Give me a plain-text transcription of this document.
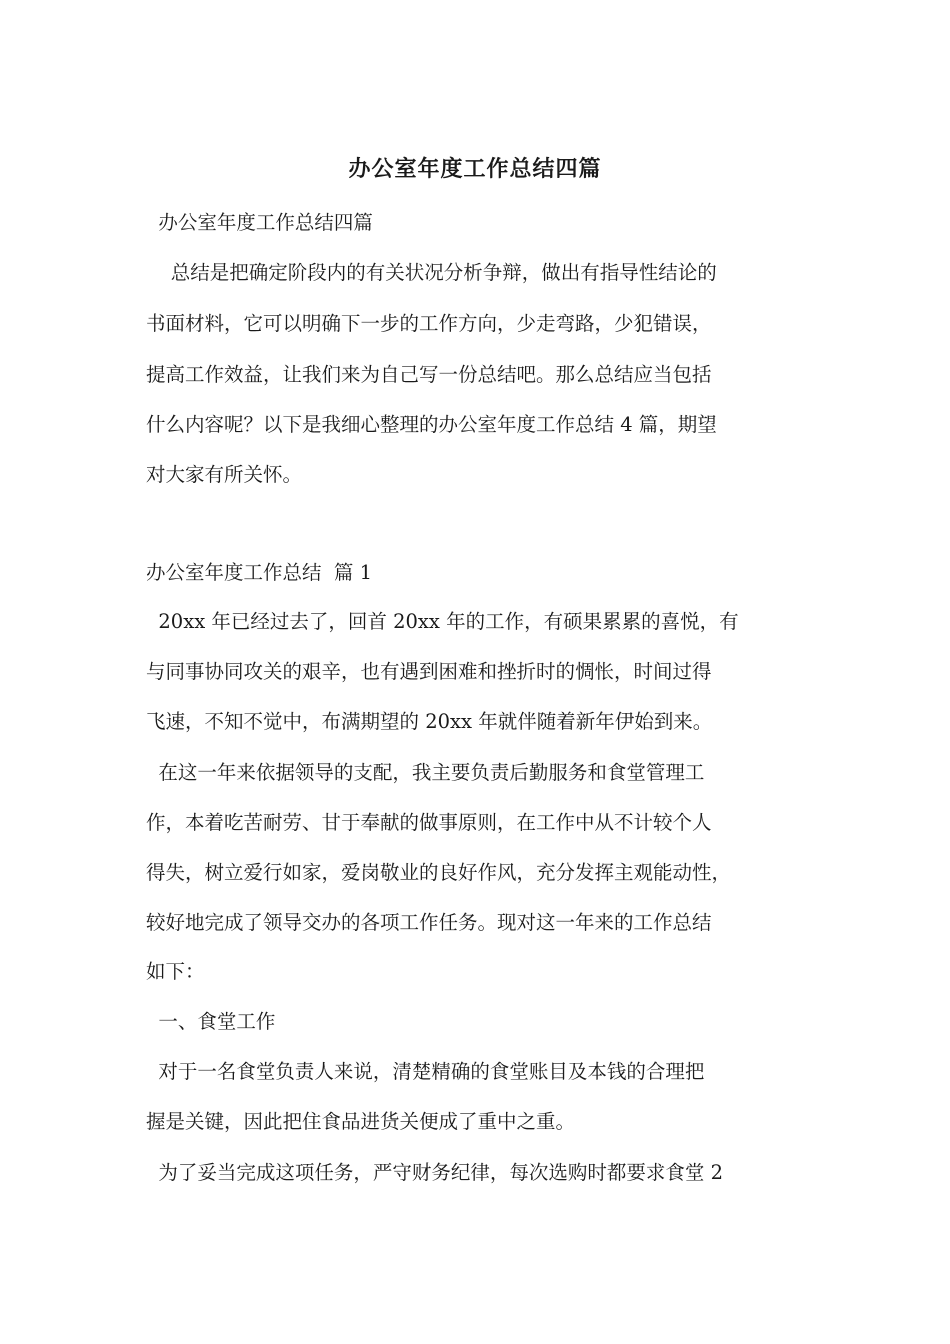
办公室年度工作总结四篇
办公室年度工作总结四篇
总结是把确定阶段内的有关状况分析争辩，做出有指导性结论的
书面材料，它可以明确下一步的工作方向，少走弯路，少犯错误，
提高工作效益，让我们来为自己写一份总结吧。那么总结应当包括
什么内容呢？以下是我细心整理的办公室年度工作总结 4 篇，期望
对大家有所关怀。
办公室年度工作总结  篇 1
20xx 年已经过去了，回首 20xx 年的工作，有硕果累累的喜悦，有
与同事协同攻关的艰辛，也有遇到困难和挫折时的惆怅，时间过得
飞速，不知不觉中，布满期望的 20xx 年就伴随着新年伊始到来。
在这一年来依据领导的支配，我主要负责后勤服务和食堂管理工
作，本着吃苦耐劳、甘于奉献的做事原则，在工作中从不计较个人
得失，树立爱行如家，爱岗敬业的良好作风，充分发挥主观能动性，
较好地完成了领导交办的各项工作任务。现对这一年来的工作总结
如下：
一、食堂工作
对于一名食堂负责人来说，清楚精确的食堂账目及本钱的合理把
握是关键，因此把住食品进货关便成了重中之重。
为了妥当完成这项任务，严守财务纪律，每次选购时都要求食堂 2
